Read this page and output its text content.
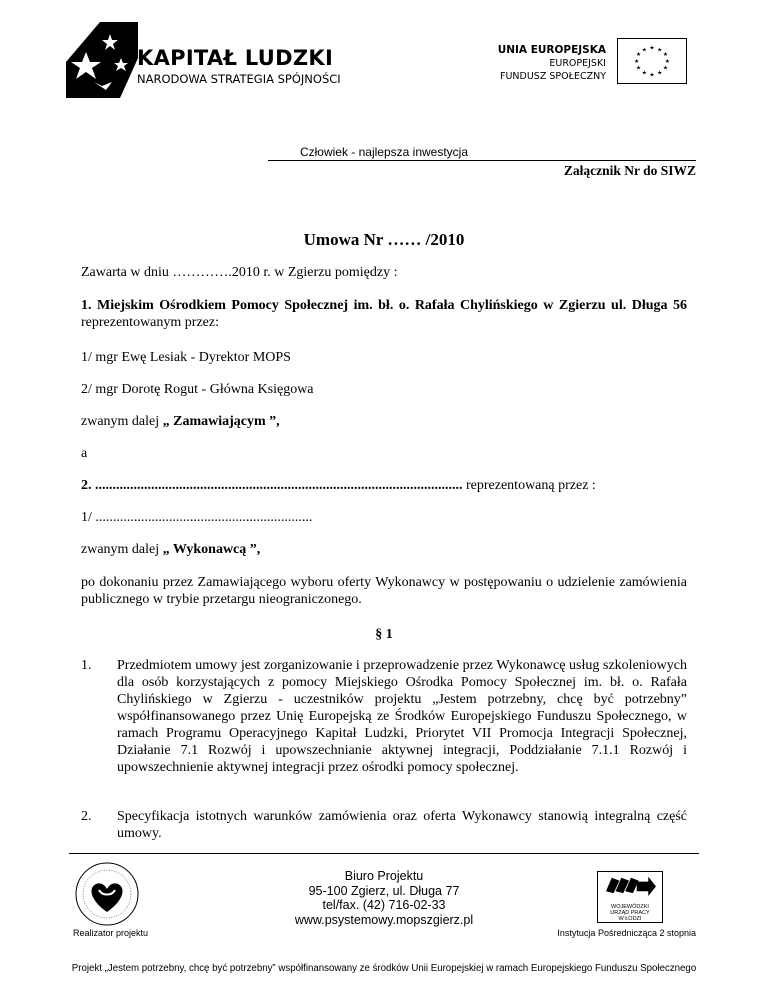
KAPITAŁ LUDZKI
NARODOWA STRATEGIA SPÓJNOŚCI
UNIA EUROPEJSKA
EUROPEJSKI
FUNDUSZ SPOŁECZNY
★ ★
★
★
★
★
★
★
★
★
★
★
Człowiek - najlepsza inwestycja
Załącznik Nr do SIWZ
Umowa Nr …… /2010
Zawarta w dniu ………….2010 r. w Zgierzu pomiędzy :
1. Miejskim Ośrodkiem Pomocy Społecznej im. bł. o. Rafała Chylińskiego w Zgierzu ul. Długa 56 reprezentowanym przez:
1/ mgr Ewę Lesiak - Dyrektor MOPS
2/ mgr Dorotę Rogut - Główna Księgowa
zwanym dalej „ Zamawiającym ”,
a
2. ......................................................................................................... reprezentowaną przez :
1/ ..............................................................
zwanym dalej „ Wykonawcą ”,
po dokonaniu przez Zamawiającego wyboru oferty Wykonawcy w postępowaniu o udzielenie zamówienia publicznego w trybie przetargu nieograniczonego.
§ 1
1.	Przedmiotem umowy jest zorganizowanie i przeprowadzenie przez Wykonawcę usług szkoleniowych dla osób korzystających z pomocy Miejskiego Ośrodka Pomocy Społecznej im. bł. o. Rafała Chylińskiego w Zgierzu - uczestników projektu „Jestem potrzebny, chcę być potrzebny” współfinansowanego przez Unię Europejską ze Środków Europejskiego Funduszu Społecznego, w ramach Programu Operacyjnego Kapitał Ludzki, Priorytet VII Promocja Integracji Społecznej, Działanie 7.1 Rozwój i upowszechnianie aktywnej integracji, Poddziałanie 7.1.1 Rozwój i upowszechnienie aktywnej integracji przez ośrodki pomocy społecznej.
2.	Specyfikacja istotnych warunków zamówienia oraz oferta Wykonawcy stanowią integralną część umowy.
Realizator projektu
Biuro Projektu
95-100 Zgierz, ul. Długa 77
tel/fax. (42) 716-02-33
www.psystemowy.mopszgierz.pl
WOJEWÓDZKI
URZĄD PRACY
W ŁODZI
Instytucja Pośrednicząca 2 stopnia
Projekt „Jestem potrzebny, chcę być potrzebny” współfinansowany ze środków Unii Europejskiej w ramach Europejskiego Funduszu Społecznego
